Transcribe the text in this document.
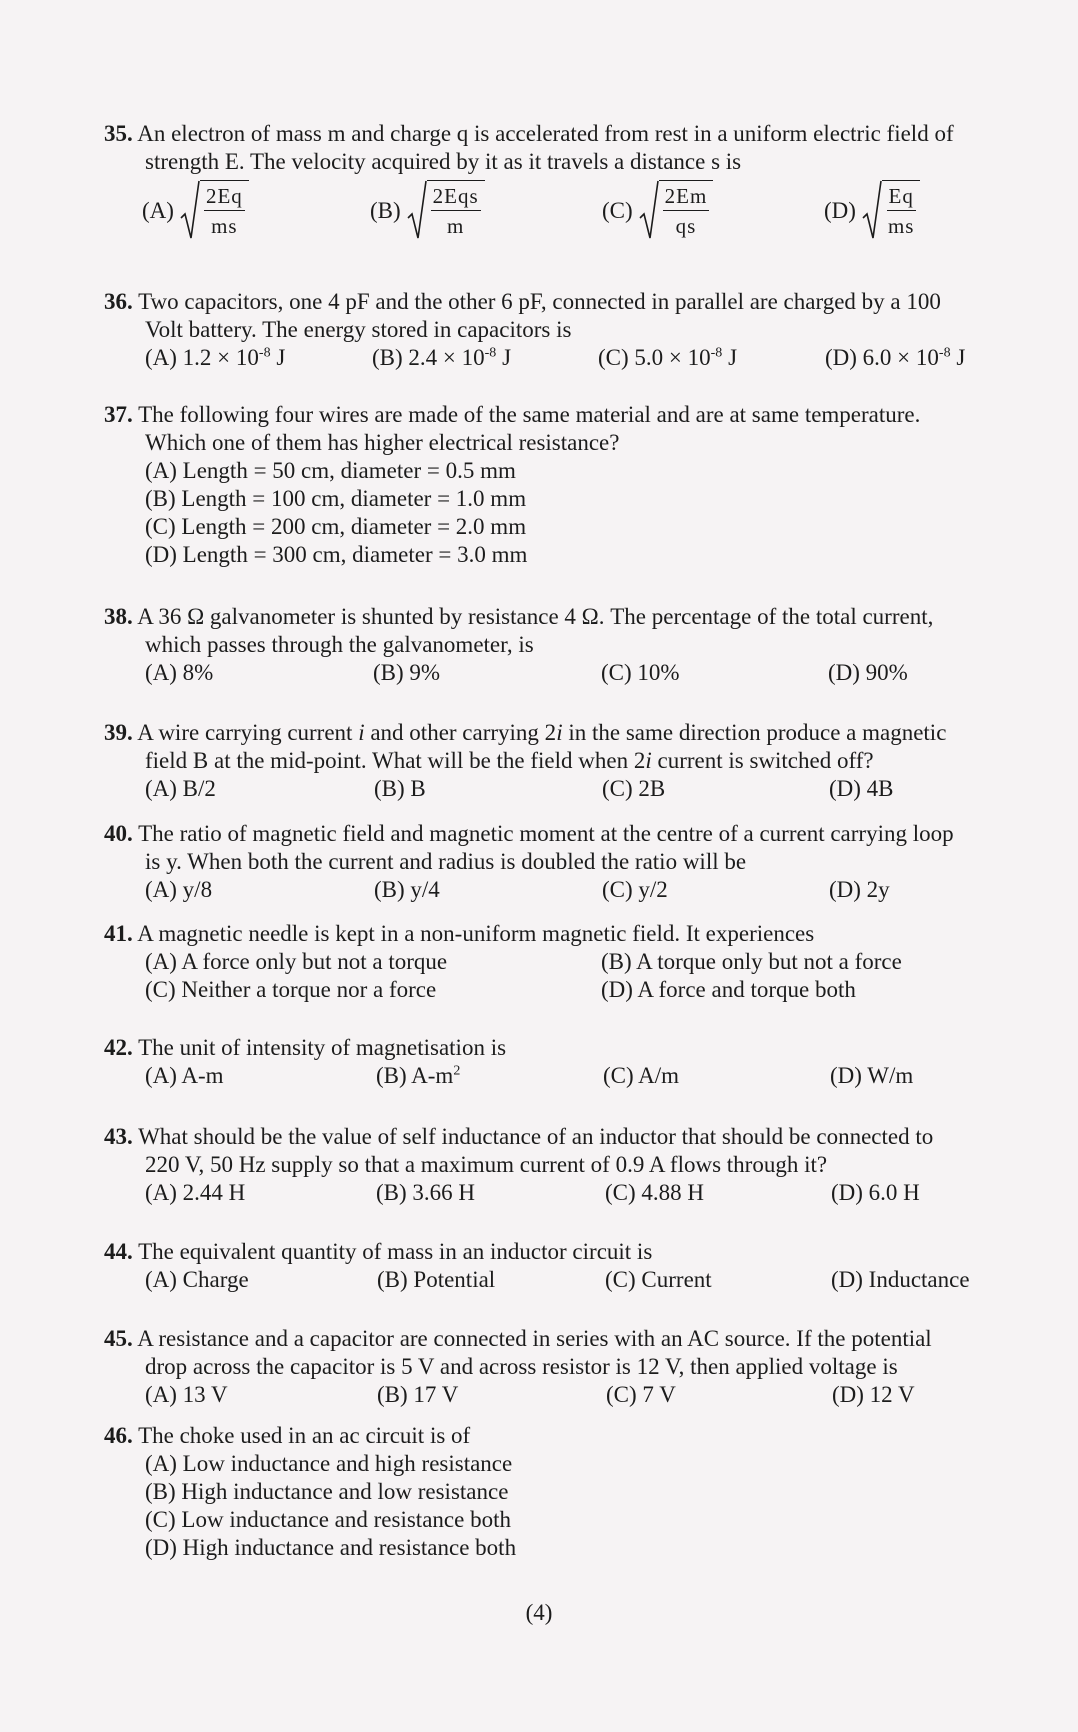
35. An electron of mass m and charge q is accelerated from rest in a uniform electric field of
strength E. The velocity acquired by it as it travels a distance s is
$(A) \frac{2Eq}{ms}$	$(B) \frac{\text{2Eqs}}{m}$	$(C) \frac{2Em}{qs}$	$(D) \frac{Eq}{ms}$
36. Two capacitors, one 4 pF and the other 6 pF, connected in parallel are charged by a 100
Volt battery. The energy stored in capacitors is
(A) $1.2 \times 10^{-8}$ J	(B) $2.4 \times 10^{-8}$ J	(C) $5.0 \times 10^{-8}$ J	(D) $6.0 \times 10^{-8}$ J
37. The following four wires are made of the same material and are at same temperature.
Which one of them has higher electrical resistance?
(A) Length = 50 cm, diameter = 0.5 mm
(B) Length = 100 cm, diameter = 1.0 mm
(C) Length = 200 cm, diameter = 2.0 mm
(D) Length = 300 cm, diameter = 3.0 mm
38. A 36 Ω galvanometer is shunted by resistance 4 Ω. The percentage of the total current,
which passes through the galvanometer, is
(A) 8%	(B) 9%	(C) 10%	(D) 90%
39. A wire carrying current i and other carrying 2i in the same direction produce a magnetic
field B at the mid-point. What will be the field when 2i current is switched off?
(A) B/2	(B) B	(C) 2B	(D) 4B
40. The ratio of magnetic field and magnetic moment at the centre of a current carrying loop
is y. When both the current and radius is doubled the ratio will be
(A) y/8	(B) y/4	(C) y/2	(D) 2y
41. A magnetic needle is kept in a non-uniform magnetic field. It experiences
(A) A force only but not a torque	(B) A torque only but not a force
(C) Neither a torque nor a force	(D) A force and torque both
42. The unit of intensity of magnetisation is
(A) A-m	(B) $A-m^2$	(C) A/m	(D) W/m
43. What should be the value of self inductance of an inductor that should be connected to
220 V, 50 Hz supply so that a maximum current of 0.9 A flows through it?
(A) 2.44 H	(B) 3.66 H	(C) 4.88 H	(D) 6.0 H
44. The equivalent quantity of mass in an inductor circuit is
(A) Charge	(B) Potential	(C) Current	(D) Inductance
45. A resistance and a capacitor are connected in series with an AC source. If the potential
drop across the capacitor is 5 V and across resistor is 12 V, then applied voltage is
(A) 13 V	(B) 17 V	(C) 7 V	(D) 12 V
46. The choke used in an ac circuit is of
(A) Low inductance and high resistance
(B) High inductance and low resistance
(C) Low inductance and resistance both
(D) High inductance and resistance both
(4)
